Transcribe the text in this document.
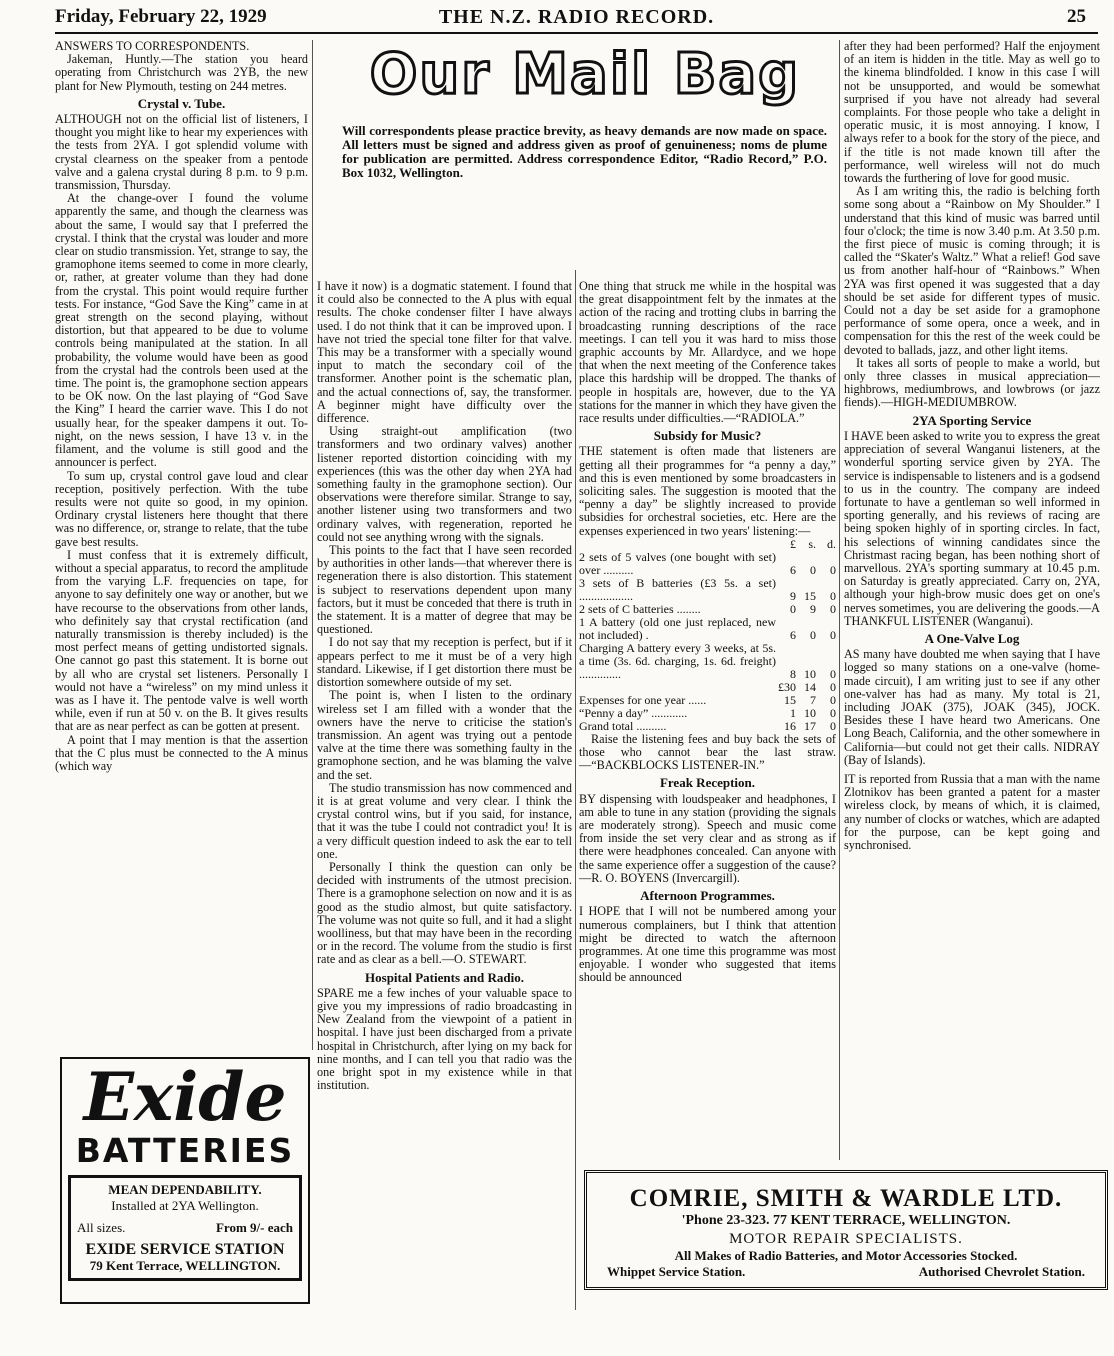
Friday, February 22, 1929	THE N.Z. RADIO RECORD.	25
Our Mail Bag
Will correspondents please practice brevity, as heavy demands are now made on space. All letters must be signed and address given as proof of genuineness; noms de plume for publication are permitted. Address correspondence Editor, “Radio Record,” P.O. Box 1032, Wellington.

ANSWERS TO CORRESPONDENTS.

Jakeman, Huntly.—The station you heard operating from Christchurch was 2YB, the new plant for New Plymouth, testing on 244 metres.

Crystal v. Tube.

ALTHOUGH not on the official list of listeners, I thought you might like to hear my experiences with the tests from 2YA. I got splendid volume with crystal clearness on the speaker from a pentode valve and a galena crystal during 8 p.m. to 9 p.m. transmission, Thursday.

At the change-over I found the volume apparently the same, and though the clearness was about the same, I would say that I preferred the crystal. I think that the crystal was louder and more clear on studio transmission. Yet, strange to say, the gramophone items seemed to come in more clearly, or, rather, at greater volume than they had done from the crystal. This point would require further tests. For instance, “God Save the King” came in at great strength on the second playing, without distortion, but that appeared to be due to volume controls being manipulated at the station. In all probability, the volume would have been as good from the crystal had the controls been used at the time. The point is, the gramophone section appears to be OK now. On the last playing of “God Save the King” I heard the carrier wave. This I do not usually hear, for the speaker dampens it out. To-night, on the news session, I have 13 v. in the filament, and the volume is still good and the announcer is perfect.

To sum up, crystal control gave loud and clear reception, positively perfection. With the tube results were not quite so good, in my opinion. Ordinary crystal listeners here thought that there was no difference, or, strange to relate, that the tube gave best results.

I must confess that it is extremely difficult, without a special apparatus, to record the amplitude from the varying L.F. frequencies on tape, for anyone to say definitely one way or another, but we have recourse to the observations from other lands, who definitely say that crystal rectification (and naturally transmission is thereby included) is the most perfect means of getting undistorted signals. One cannot go past this statement. It is borne out by all who are crystal set listeners. Personally I would not have a “wireless” on my mind unless it was as I have it. The pentode valve is well worth while, even if run at 50 v. on the B. It gives results that are as near perfect as can be gotten at present.

A point that I may mention is that the assertion that the C plus must be connected to the A minus (which way

I have it now) is a dogmatic statement. I found that it could also be connected to the A plus with equal results. The choke condenser filter I have always used. I do not think that it can be improved upon. I have not tried the special tone filter for that valve. This may be a transformer with a specially wound input to match the secondary coil of the transformer. Another point is the schematic plan, and the actual connections of, say, the transformer. A beginner might have difficulty over the difference.

Using straight-out amplification (two transformers and two ordinary valves) another listener reported distortion coinciding with my experiences (this was the other day when 2YA had something faulty in the gramophone section). Our observations were therefore similar. Strange to say, another listener using two transformers and two ordinary valves, with regeneration, reported he could not see anything wrong with the signals.

This points to the fact that I have seen recorded by authorities in other lands—that wherever there is regeneration there is also distortion. This statement is subject to reservations dependent upon many factors, but it must be conceded that there is truth in the statement. It is a matter of degree that may be questioned.

I do not say that my reception is perfect, but if it appears perfect to me it must be of a very high standard. Likewise, if I get distortion there must be distortion somewhere outside of my set.

The point is, when I listen to the ordinary wireless set I am filled with a wonder that the owners have the nerve to criticise the station's transmission. An agent was trying out a pentode valve at the time there was something faulty in the gramophone section, and he was blaming the valve and the set.

The studio transmission has now commenced and it is at great volume and very clear. I think the crystal control wins, but if you said, for instance, that it was the tube I could not contradict you! It is a very difficult question indeed to ask the ear to tell one.

Personally I think the question can only be decided with instruments of the utmost precision. There is a gramophone selection on now and it is as good as the studio almost, but quite satisfactory. The volume was not quite so full, and it had a slight woolliness, but that may have been in the recording or in the record. The volume from the studio is first rate and as clear as a bell.—O. STEWART.

Hospital Patients and Radio.

SPARE me a few inches of your valuable space to give you my impressions of radio broadcasting in New Zealand from the viewpoint of a patient in hospital. I have just been discharged from a private hospital in Christchurch, after lying on my back for nine months, and I can tell you that radio was the one bright spot in my existence while in that institution.

One thing that struck me while in the hospital was the great disappointment felt by the inmates at the action of the racing and trotting clubs in barring the broadcasting running descriptions of the race meetings. I can tell you it was hard to miss those graphic accounts by Mr. Allardyce, and we hope that when the next meeting of the Conference takes place this hardship will be dropped. The thanks of people in hospitals are, however, due to the YA stations for the manner in which they have given the race results under difficulties.—“RADIOLA.”

Subsidy for Music?

THE statement is often made that listeners are getting all their programmes for “a penny a day,” and this is even mentioned by some broadcasters in soliciting sales. The suggestion is mooted that the “penny a day” be slightly increased to provide subsidies for orchestral societies, etc. Here are the expenses experienced in two years' listening:—

	£	s.	d.
2 sets of 5 valves (one bought with set) over ..........	6	0	0
3 sets of B batteries (£3 5s. a set) ..................	9	15	0
2 sets of C batteries ........	0	9	0
1 A battery (old one just replaced, new not included) .	6	0	0
Charging A battery every 3 weeks, at 5s. a time (3s. 6d. charging, 1s. 6d. freight) ..............	8	10	0
	£30	14	0
Expenses for one year ......	15	7	0
“Penny a day” ............	1	10	0
Grand total ..........	16	17	0

Raise the listening fees and buy back the sets of those who cannot bear the last straw.—“BACKBLOCKS LISTENER-IN.”

Freak Reception.

BY dispensing with loudspeaker and headphones, I am able to tune in any station (providing the signals are moderately strong). Speech and music come from inside the set very clear and as strong as if there were headphones concealed. Can anyone with the same experience offer a suggestion of the cause?—R. O. BOYENS (Invercargill).

Afternoon Programmes.

I HOPE that I will not be numbered among your numerous complainers, but I think that attention might be directed to watch the afternoon programmes. At one time this programme was most enjoyable. I wonder who suggested that items should be announced

after they had been performed? Half the enjoyment of an item is hidden in the title. May as well go to the kinema blindfolded. I know in this case I will not be unsupported, and would be somewhat surprised if you have not already had several complaints. For those people who take a delight in operatic music, it is most annoying. I know, I always refer to a book for the story of the piece, and if the title is not made known till after the performance, well wireless will not do much towards the furthering of love for good music.

As I am writing this, the radio is belching forth some song about a “Rainbow on My Shoulder.” I understand that this kind of music was barred until four o'clock; the time is now 3.40 p.m. At 3.50 p.m. the first piece of music is coming through; it is called the “Skater's Waltz.” What a relief! God save us from another half-hour of “Rainbows.” When 2YA was first opened it was suggested that a day should be set aside for different types of music. Could not a day be set aside for a gramophone performance of some opera, once a week, and in compensation for this the rest of the week could be devoted to ballads, jazz, and other light items.

It takes all sorts of people to make a world, but only three classes in musical appreciation—highbrows, mediumbrows, and lowbrows (or jazz fiends).—HIGH-MEDIUMBROW.

2YA Sporting Service

I HAVE been asked to write you to express the great appreciation of several Wanganui listeners, at the wonderful sporting service given by 2YA. The service is indispensable to listeners and is a godsend to us in the country. The company are indeed fortunate to have a gentleman so well informed in sporting generally, and his reviews of racing are being spoken highly of in sporting circles. In fact, his selections of winning candidates since the Christmast racing began, has been nothing short of marvellous. 2YA's sporting summary at 10.45 p.m. on Saturday is greatly appreciated. Carry on, 2YA, although your high-brow music does get on one's nerves sometimes, you are delivering the goods.—A THANKFUL LISTENER (Wanganui).

A One-Valve Log

AS many have doubted me when saying that I have logged so many stations on a one-valve (home-made circuit), I am writing just to see if any other one-valver has had as many. My total is 21, including JOAK (375), JOAK (345), JOCK. Besides these I have heard two Americans. One Long Beach, California, and the other somewhere in California—but could not get their calls. NIDRAY (Bay of Islands).

IT is reported from Russia that a man with the name Zlotnikov has been granted a patent for a master wireless clock, by means of which, it is claimed, any number of clocks or watches, which are adapted for the purpose, can be kept going and synchronised.

Exide
BATTERIES
MEAN DEPENDABILITY.
Installed at 2YA Wellington.
All sizes.	From 9/- each
EXIDE SERVICE STATION
79 Kent Terrace, WELLINGTON.
COMRIE, SMITH & WARDLE LTD.
'Phone 23-323. 77 KENT TERRACE, WELLINGTON.
MOTOR REPAIR SPECIALISTS.
All Makes of Radio Batteries, and Motor Accessories Stocked.
Whippet Service Station.	Authorised Chevrolet Station.
